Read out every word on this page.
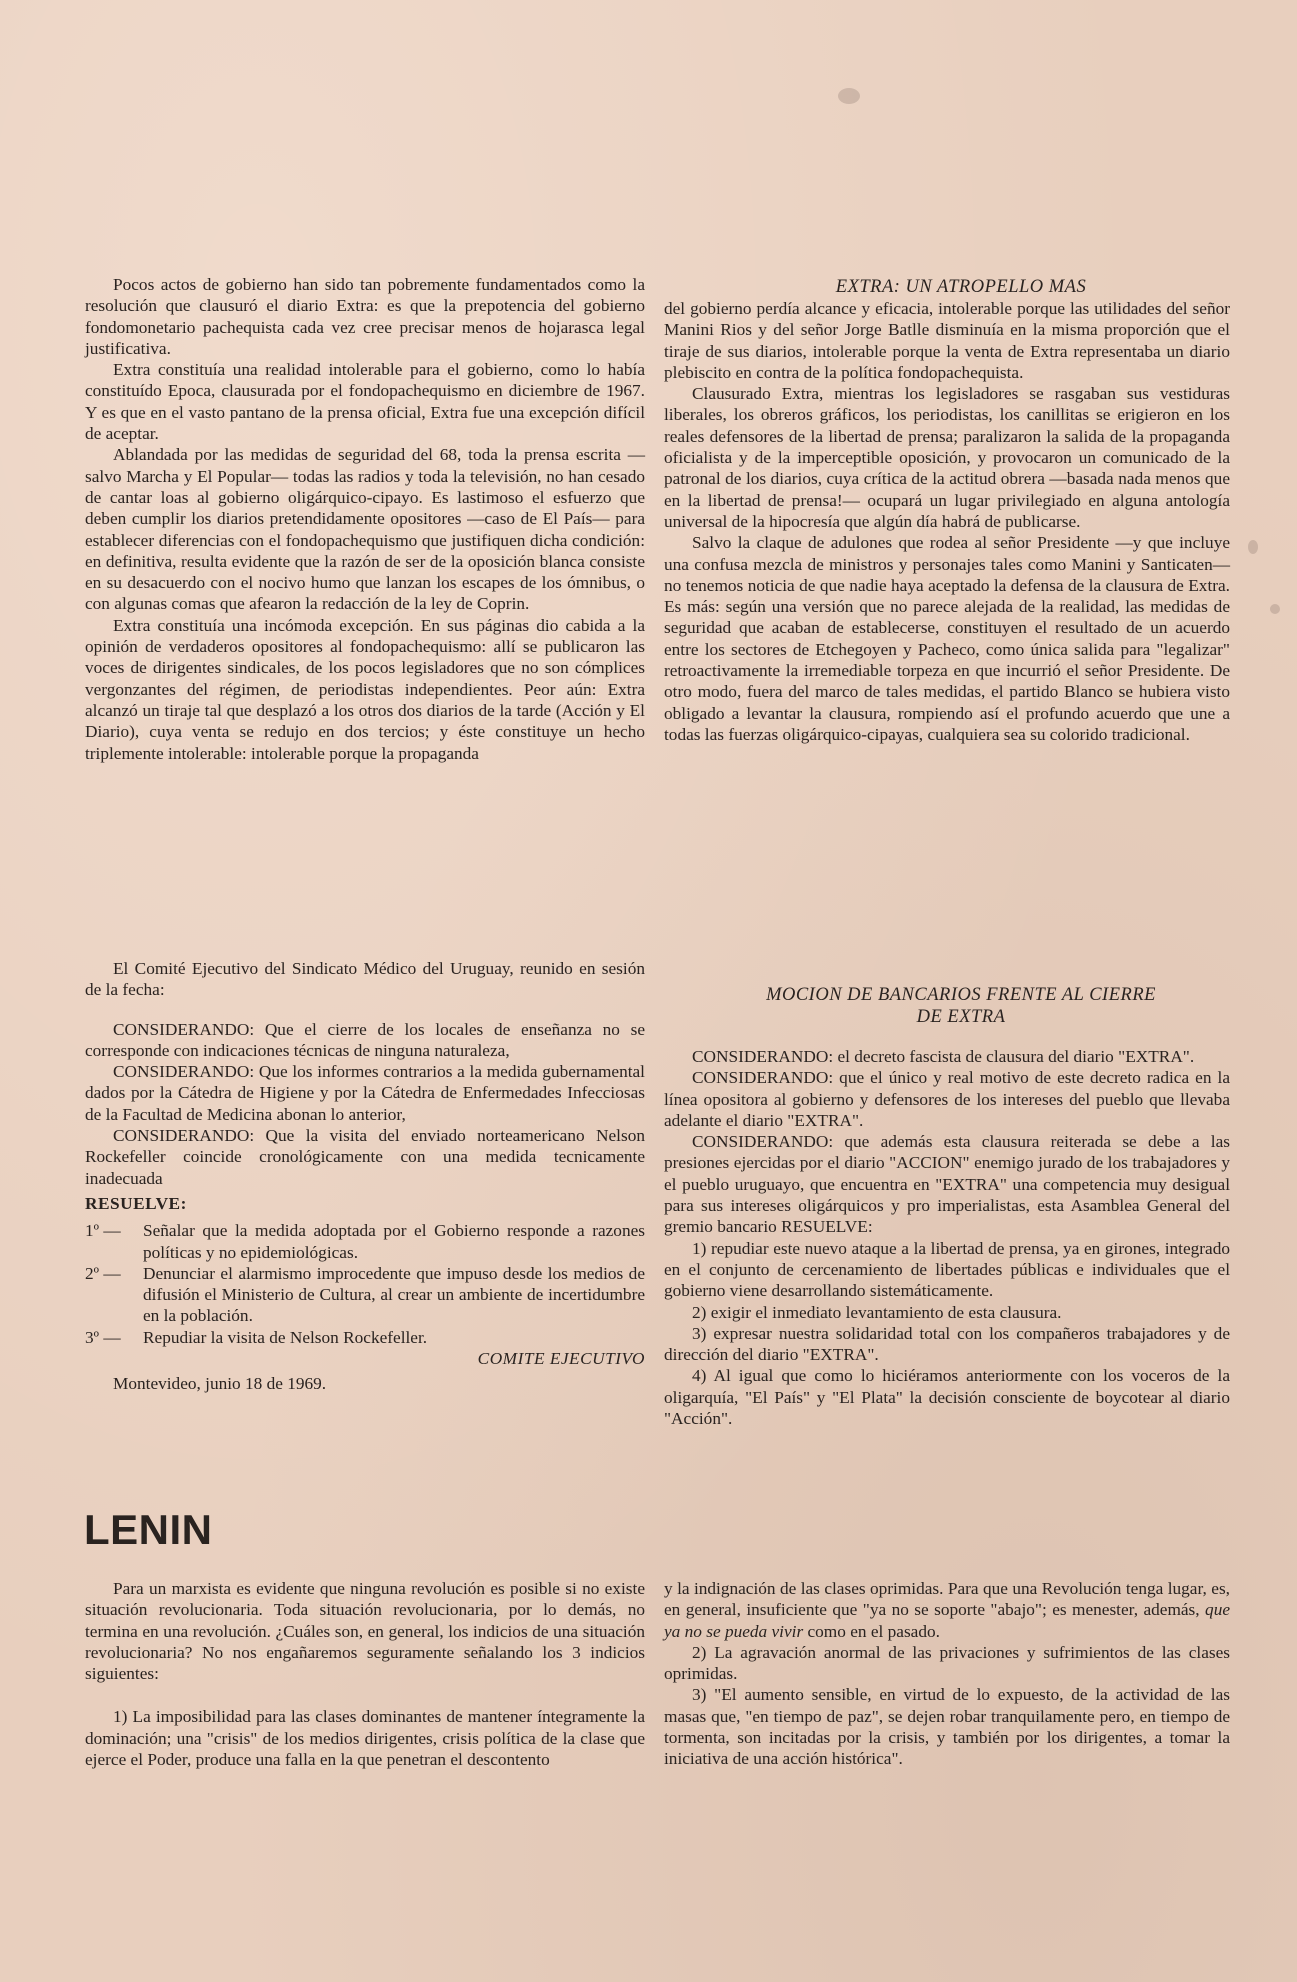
Pocos actos de gobierno han sido tan pobremente fundamentados como la resolución que clausuró el diario Extra: es que la prepotencia del gobierno fondomonetario pachequista cada vez cree precisar menos de hojarasca legal justificativa.

Extra constituía una realidad intolerable para el gobierno, como lo había constituído Epoca, clausurada por el fondopachequismo en diciembre de 1967. Y es que en el vasto pantano de la prensa oficial, Extra fue una excepción difícil de aceptar.

Ablandada por las medidas de seguridad del 68, toda la prensa escrita —salvo Marcha y El Popular— todas las radios y toda la televisión, no han cesado de cantar loas al gobierno oligárquico-cipayo. Es lastimoso el esfuerzo que deben cumplir los diarios pretendidamente opositores —caso de El País— para establecer diferencias con el fondopachequismo que justifiquen dicha condición: en definitiva, resulta evidente que la razón de ser de la oposición blanca consiste en su desacuerdo con el nocivo humo que lanzan los escapes de los ómnibus, o con algunas comas que afearon la redacción de la ley de Coprin.

Extra constituía una incómoda excepción. En sus páginas dio cabida a la opinión de verdaderos opositores al fondopachequismo: allí se publicaron las voces de dirigentes sindicales, de los pocos legisladores que no son cómplices vergonzantes del régimen, de periodistas independientes. Peor aún: Extra alcanzó un tiraje tal que desplazó a los otros dos diarios de la tarde (Acción y El Diario), cuya venta se redujo en dos tercios; y éste constituye un hecho triplemente intolerable: intolerable porque la propaganda

El Comité Ejecutivo del Sindicato Médico del Uruguay, reunido en sesión de la fecha:

CONSIDERANDO: Que el cierre de los locales de enseñanza no se corresponde con indicaciones técnicas de ninguna naturaleza,

CONSIDERANDO: Que los informes contrarios a la medida gubernamental dados por la Cátedra de Higiene y por la Cátedra de Enfermedades Infecciosas de la Facultad de Medicina abonan lo anterior,

CONSIDERANDO: Que la visita del enviado norteamericano Nelson Rockefeller coincide cronológicamente con una medida tecnicamente inadecuada

RESUELVE:

1º —	Señalar que la medida adoptada por el Gobierno responde a razones políticas y no epidemiológicas.
2º —	Denunciar el alarmismo improcedente que impuso desde los medios de difusión el Ministerio de Cultura, al crear un ambiente de incertidumbre en la población.
3º —	Repudiar la visita de Nelson Rockefeller.

COMITE EJECUTIVO

Montevideo, junio 18 de 1969.

EXTRA: UN ATROPELLO MAS

del gobierno perdía alcance y eficacia, intolerable porque las utilidades del señor Manini Rios y del señor Jorge Batlle disminuía en la misma proporción que el tiraje de sus diarios, intolerable porque la venta de Extra representaba un diario plebiscito en contra de la política fondopachequista.

Clausurado Extra, mientras los legisladores se rasgaban sus vestiduras liberales, los obreros gráficos, los periodistas, los canillitas se erigieron en los reales defensores de la libertad de prensa; paralizaron la salida de la propaganda oficialista y de la imperceptible oposición, y provocaron un comunicado de la patronal de los diarios, cuya crítica de la actitud obrera —basada nada menos que en la libertad de prensa!— ocupará un lugar privilegiado en alguna antología universal de la hipocresía que algún día habrá de publicarse.

Salvo la claque de adulones que rodea al señor Presidente —y que incluye una confusa mezcla de ministros y personajes tales como Manini y Santicaten— no tenemos noticia de que nadie haya aceptado la defensa de la clausura de Extra. Es más: según una versión que no parece alejada de la realidad, las medidas de seguridad que acaban de establecerse, constituyen el resultado de un acuerdo entre los sectores de Etchegoyen y Pacheco, como única salida para "legalizar" retroactivamente la irremediable torpeza en que incurrió el señor Presidente. De otro modo, fuera del marco de tales medidas, el partido Blanco se hubiera visto obligado a levantar la clausura, rompiendo así el profundo acuerdo que une a todas las fuerzas oligárquico-cipayas, cualquiera sea su colorido tradicional.

MOCION DE BANCARIOS FRENTE AL CIERRE

DE EXTRA

CONSIDERANDO: el decreto fascista de clausura del diario "EXTRA".

CONSIDERANDO: que el único y real motivo de este decreto radica en la línea opositora al gobierno y defensores de los intereses del pueblo que llevaba adelante el diario "EXTRA".

CONSIDERANDO: que además esta clausura reiterada se debe a las presiones ejercidas por el diario "ACCION" enemigo jurado de los trabajadores y el pueblo uruguayo, que encuentra en "EXTRA" una competencia muy desigual para sus intereses oligárquicos y pro imperialistas, esta Asamblea General del gremio bancario RESUELVE:

1) repudiar este nuevo ataque a la libertad de prensa, ya en girones, integrado en el conjunto de cercenamiento de libertades públicas e individuales que el gobierno viene desarrollando sistemáticamente.

2) exigir el inmediato levantamiento de esta clausura.

3) expresar nuestra solidaridad total con los compañeros trabajadores y de dirección del diario "EXTRA".

4) Al igual que como lo hiciéramos anteriormente con los voceros de la oligarquía, "El País" y "El Plata" la decisión consciente de boycotear al diario "Acción".

LENIN

Para un marxista es evidente que ninguna revolución es posible si no existe situación revolucionaria. Toda situación revolucionaria, por lo demás, no termina en una revolución. ¿Cuáles son, en general, los indicios de una situación revolucionaria? No nos engañaremos seguramente señalando los 3 indicios siguientes:

1) La imposibilidad para las clases dominantes de mantener íntegramente la dominación; una "crisis" de los medios dirigentes, crisis política de la clase que ejerce el Poder, produce una falla en la que penetran el descontento

y la indignación de las clases oprimidas. Para que una Revolución tenga lugar, es, en general, insuficiente que "ya no se soporte "abajo"; es menester, además, que ya no se pueda vivir como en el pasado.

2) La agravación anormal de las privaciones y sufrimientos de las clases oprimidas.

3) "El aumento sensible, en virtud de lo expuesto, de la actividad de las masas que, "en tiempo de paz", se dejen robar tranquilamente pero, en tiempo de tormenta, son incitadas por la crisis, y también por los dirigentes, a tomar la iniciativa de una acción histórica".
